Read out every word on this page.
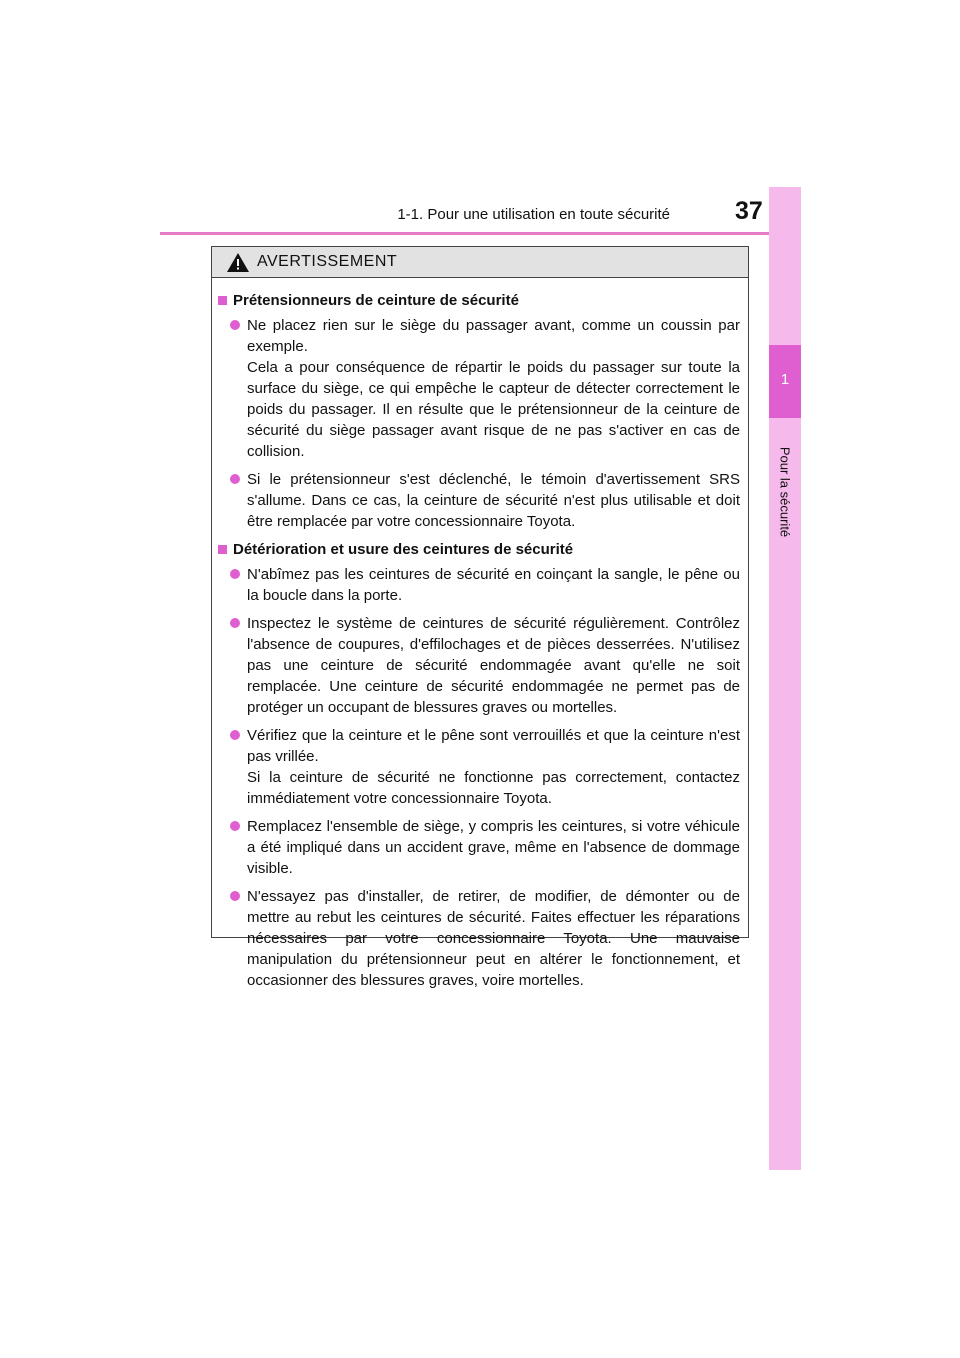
1-1. Pour une utilisation en toute sécurité	37
1
Pour la sécurité
AVERTISSEMENT
Prétensionneurs de ceinture de sécurité

Ne placez rien sur le siège du passager avant, comme un coussin par exemple.

Cela a pour conséquence de répartir le poids du passager sur toute la surface du siège, ce qui empêche le capteur de détecter correctement le poids du passager. Il en résulte que le prétensionneur de la ceinture de sécurité du siège passager avant risque de ne pas s'activer en cas de collision.

Si le prétensionneur s'est déclenché, le témoin d'avertissement SRS s'allume. Dans ce cas, la ceinture de sécurité n'est plus utilisable et doit être remplacée par votre concessionnaire Toyota.

Détérioration et usure des ceintures de sécurité

N'abîmez pas les ceintures de sécurité en coinçant la sangle, le pêne ou la boucle dans la porte.

Inspectez le système de ceintures de sécurité régulièrement. Contrôlez l'absence de coupures, d'effilochages et de pièces desserrées. N'utilisez pas une ceinture de sécurité endommagée avant qu'elle ne soit remplacée. Une ceinture de sécurité endommagée ne permet pas de protéger un occupant de blessures graves ou mortelles.

Vérifiez que la ceinture et le pêne sont verrouillés et que la ceinture n'est pas vrillée.

Si la ceinture de sécurité ne fonctionne pas correctement, contactez immédiatement votre concessionnaire Toyota.

Remplacez l'ensemble de siège, y compris les ceintures, si votre véhicule a été impliqué dans un accident grave, même en l'absence de dommage visible.

N'essayez pas d'installer, de retirer, de modifier, de démonter ou de mettre au rebut les ceintures de sécurité. Faites effectuer les réparations nécessaires par votre concessionnaire Toyota. Une mauvaise manipulation du prétensionneur peut en altérer le fonctionnement, et occasionner des blessures graves, voire mortelles.
